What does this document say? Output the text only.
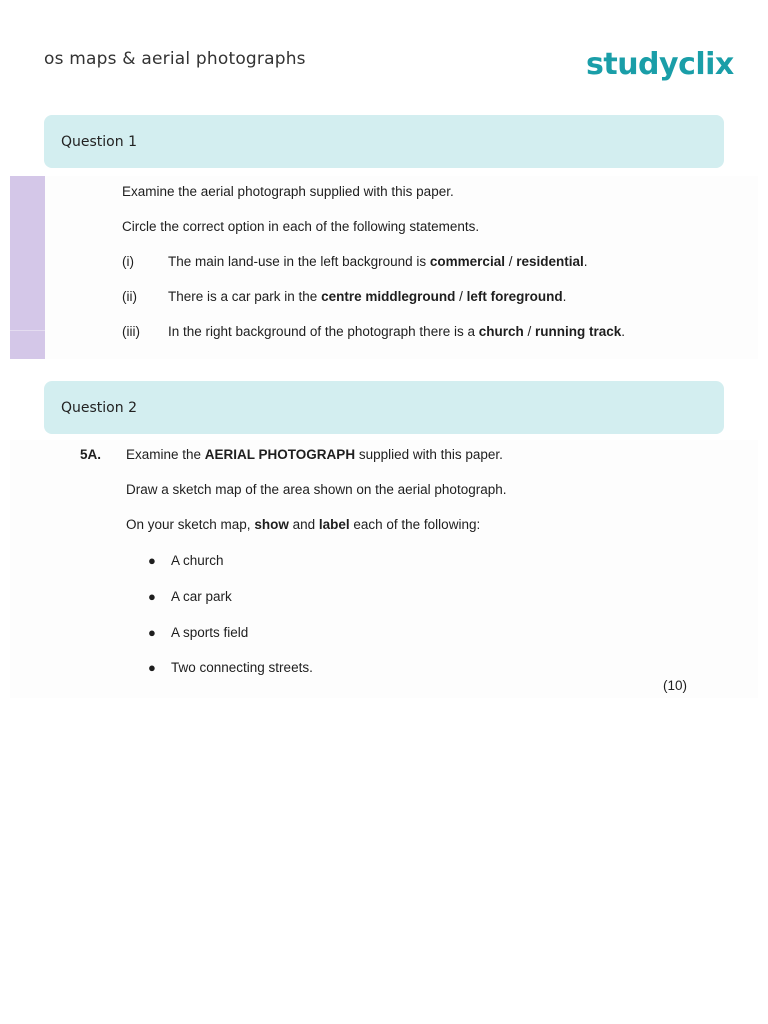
os maps & aerial photographs	studyclix
Question 1
Examine the aerial photograph supplied with this paper.
Circle the correct option in each of the following statements.
(i)	The main land-use in the left background is commercial / residential.
(ii) There is a car park in the centre middleground / left foreground.
(iii) In the right background of the photograph there is a church / running track.
Question 2
5A. Examine the AERIAL PHOTOGRAPH supplied with this paper.
Draw a sketch map of the area shown on the aerial photograph.
On your sketch map, show and label each of the following:
● A church
● A car park
● A sports field
● Two connecting streets.
(10)
